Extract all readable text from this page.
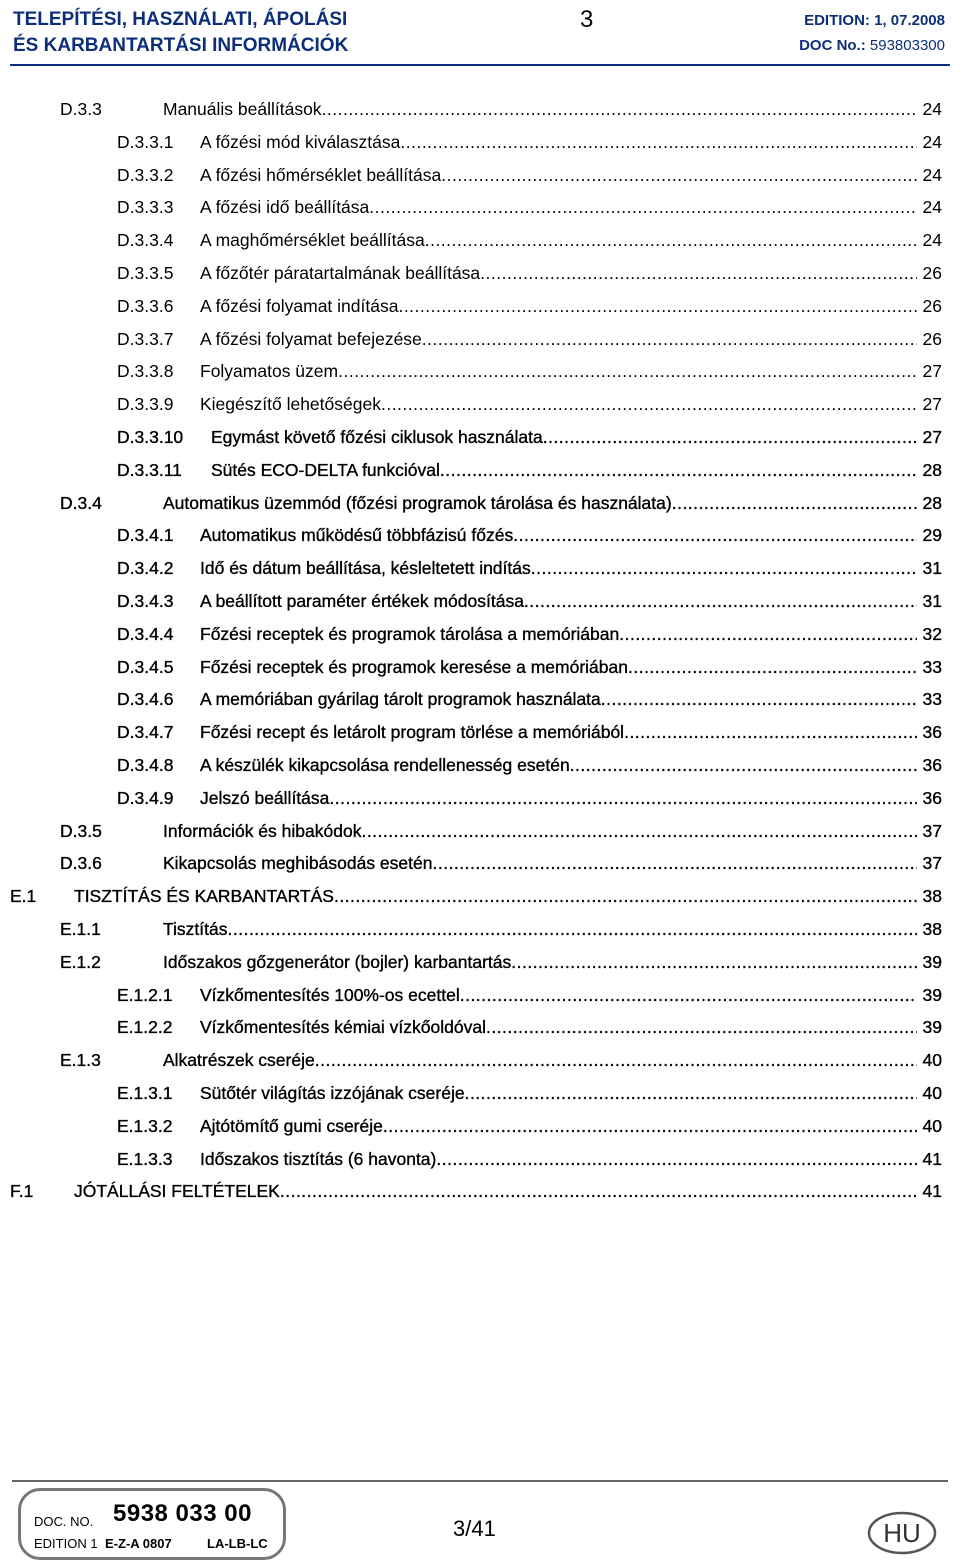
TELEPÍTÉSI, HASZNÁLATI, ÁPOLÁSI
ÉS KARBANTARTÁSI INFORMÁCIÓK
3	EDITION: 1, 07.2008
DOC No.: 593803300
D.3.3	Manuális beállítások .....	24
D.3.3.1 A főzési mód kiválasztása .....	24
D.3.3.2 A főzési hőmérséklet beállítása .....	24
D.3.3.3 A főzési idő beállítása .....	24
D.3.3.4 A maghőmérséklet beállítása .....	24
D.3.3.5 A főzőtér páratartalmának beállítása .....	26
D.3.3.6 A főzési folyamat indítása .....	26
D.3.3.7 A főzési folyamat befejezése .....	26
D.3.3.8 Folyamatos üzem .....	27
D.3.3.9 Kiegészítő lehetőségek .....	27
D.3.3.10 Egymást követő főzési ciklusok használata .....	27
D.3.3.11 Sütés ECO-DELTA funkcióval .....	28
D.3.4	Automatikus üzemmód (főzési programok tárolása és használata) .....	28
D.3.4.1 Automatikus működésű többfázisú főzés .....	29
D.3.4.2 Idő és dátum beállítása, késleltetett indítás .....	31
D.3.4.3 A beállított paraméter értékek módosítása .....	31
D.3.4.4 Főzési receptek és programok tárolása a memóriában .....	32
D.3.4.5 Főzési receptek és programok keresése a memóriában .....	33
D.3.4.6 A memóriában gyárilag tárolt programok használata .....	33
D.3.4.7 Főzési recept és letárolt program törlése a memóriából .....	36
D.3.4.8 A készülék kikapcsolása rendellenesség esetén .....	36
D.3.4.9 Jelszó beállítása .....	36
D.3.5	Információk és hibakódok .....	37
D.3.6	Kikapcsolás meghibásodás esetén .....	37
E.1 TISZTÍTÁS ÉS KARBANTARTÁS .....	38
E.1.1	Tisztítás .....	38
E.1.2	Időszakos gőzgenerátor (bojler) karbantartás .....	39
E.1.2.1 Vízkőmentesítés 100%-os ecettel .....	39
E.1.2.2 Vízkőmentesítés kémiai vízkőoldóval .....	39
E.1.3	Alkatrészek cseréje .....	40
E.1.3.1 Sütőtér világítás izzójának cseréje .....	40
E.1.3.2 Ajtótömítő gumi cseréje .....	40
E.1.3.3 Időszakos tisztítás (6 havonta) .....	41
F.1 JÓTÁLLÁSI FELTÉTELEK .....	41
DOC. NO. 5938 033 00
EDITION 1 E-Z-A 0807	LA-LB-LC
3/41	HU
